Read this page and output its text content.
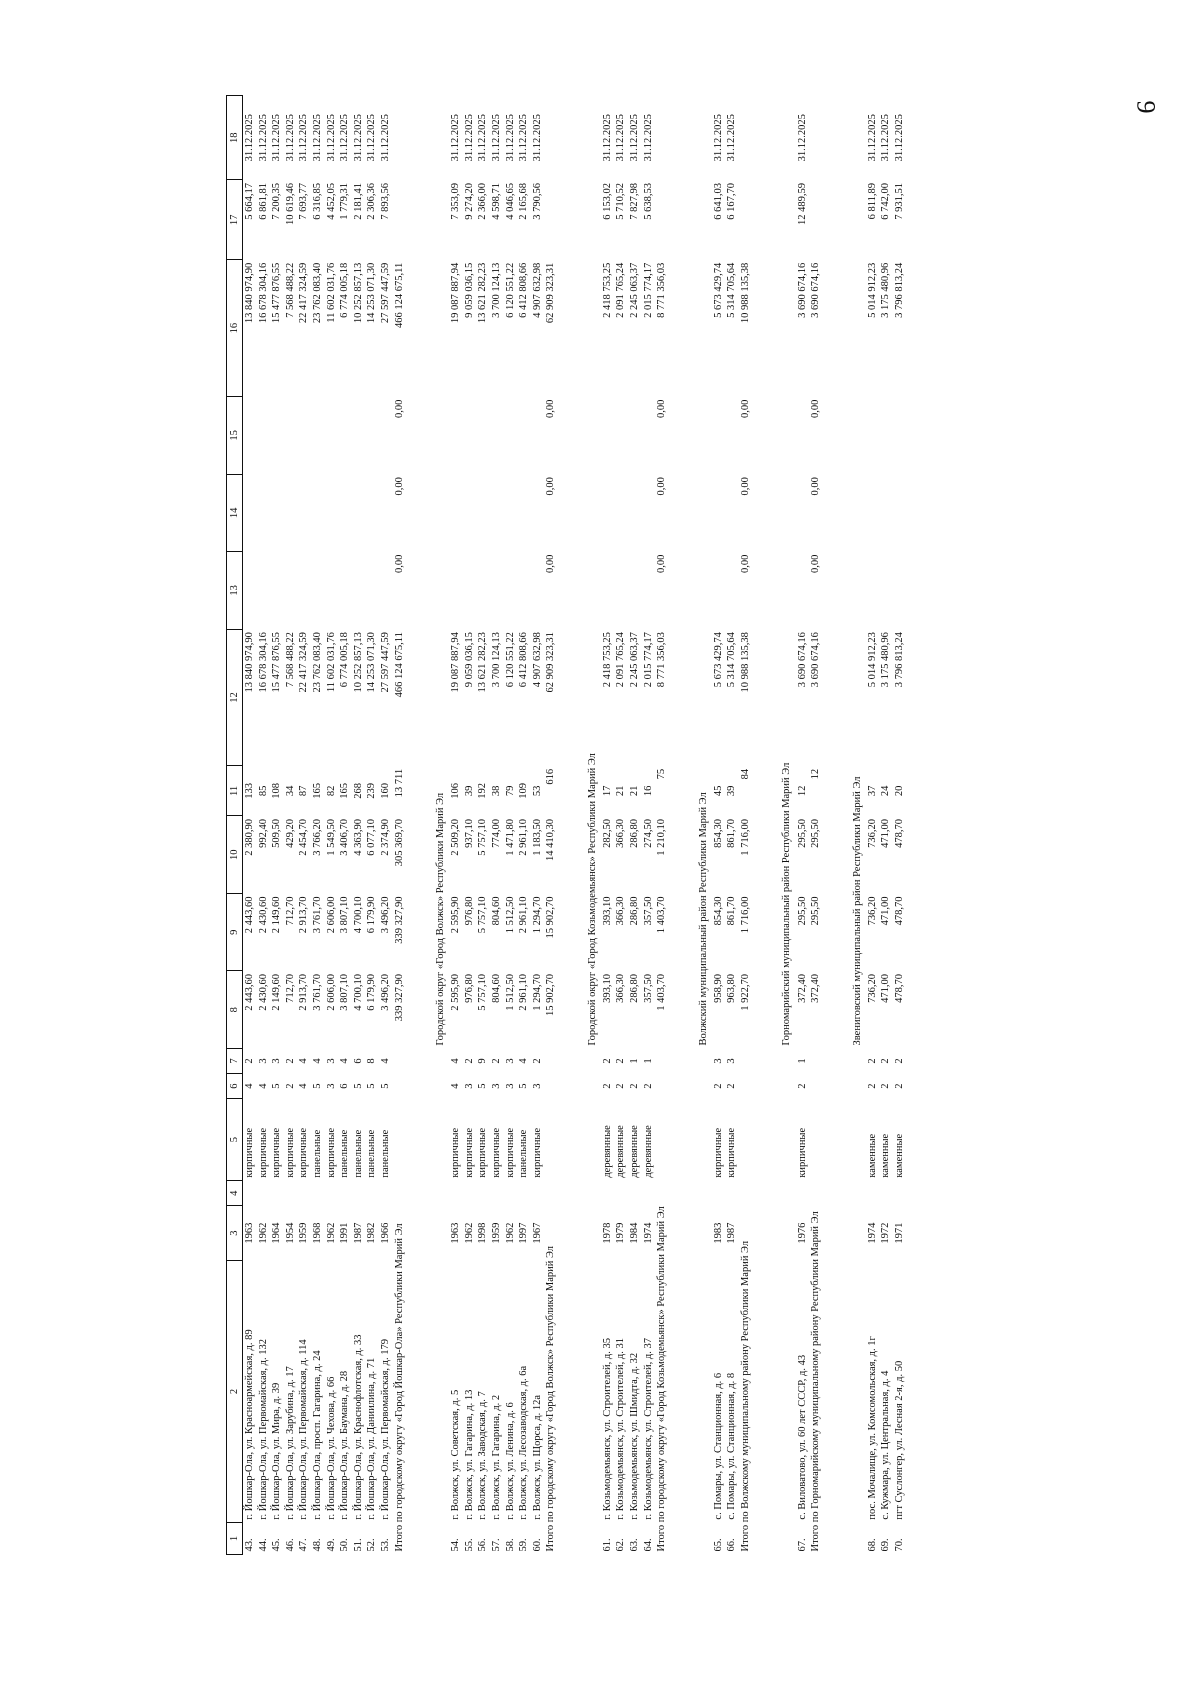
9
1	2	3	4	5	6	7	8	9	10	11	12	13	14	15	16	17	18
43.	г. Йошкар-Ола, ул. Красноармейская, д. 89	1963		кирпичные	4	2	2 443,60	2 443,60	2 380,90	133	13 840 974,90				13 840 974,90	5 664,17	31.12.2025
44.	г. Йошкар-Ола, ул. Первомайская, д. 132	1962		кирпичные	4	3	2 430,60	2 430,60	992,40	85	16 678 304,16				16 678 304,16	6 861,81	31.12.2025
45.	г. Йошкар-Ола, ул. Мира, д. 39	1964		кирпичные	5	3	2 149,60	2 149,60	509,50	108	15 477 876,55				15 477 876,55	7 200,35	31.12.2025
46.	г. Йошкар-Ола, ул. Зарубина, д. 17	1954		кирпичные	2	2	712,70	712,70	429,20	34	7 568 488,22				7 568 488,22	10 619,46	31.12.2025
47.	г. Йошкар-Ола, ул. Первомайская, д. 114	1959		кирпичные	4	4	2 913,70	2 913,70	2 454,70	87	22 417 324,59				22 417 324,59	7 693,77	31.12.2025
48.	г. Йошкар-Ола, просп. Гагарина, д. 24	1968		панельные	5	4	3 761,70	3 761,70	3 766,20	165	23 762 083,40				23 762 083,40	6 316,85	31.12.2025
49.	г. Йошкар-Ола, ул. Чехова, д. 66	1962		кирпичные	3	3	2 606,00	2 606,00	1 549,50	82	11 602 031,76				11 602 031,76	4 452,05	31.12.2025
50.	г. Йошкар-Ола, ул. Баумана, д. 28	1991		панельные	6	4	3 807,10	3 807,10	3 406,70	165	6 774 005,18				6 774 005,18	1 779,31	31.12.2025
51.	г. Йошкар-Ола, ул. Краснофлотская, д. 33	1987		панельные	5	6	4 700,10	4 700,10	4 363,90	268	10 252 857,13				10 252 857,13	2 181,41	31.12.2025
52.	г. Йошкар-Ола, ул. Даниилина, д. 71	1982		панельные	5	8	6 179,90	6 179,90	6 077,10	239	14 253 071,30				14 253 071,30	2 306,36	31.12.2025
53.	г. Йошкар-Ола, ул. Первомайская, д. 179	1966		панельные	5	4	3 496,20	3 496,20	2 374,90	160	27 597 447,59				27 597 447,59	7 893,56	31.12.2025
Итого по городскому округу «Город Йошкар-Ола» Республики Марий Эл							339 327,90	339 327,90	305 369,70	13 711	466 124 675,11	0,00	0,00	0,00	466 124 675,11		

							Городской округ «Город Волжск» Республики Марий Эл										
54.	г. Волжск, ул. Советская, д. 5	1963		кирпичные	4	4	2 595,90	2 595,90	2 509,20	106	19 087 887,94				19 087 887,94	7 353,09	31.12.2025
55.	г. Волжск, ул. Гагарина, д. 13	1962		кирпичные	3	2	976,80	976,80	937,10	39	9 059 036,15				9 059 036,15	9 274,20	31.12.2025
56.	г. Волжск, ул. Заводская, д. 7	1998		кирпичные	5	9	5 757,10	5 757,10	5 757,10	192	13 621 282,23				13 621 282,23	2 366,00	31.12.2025
57.	г. Волжск, ул. Гагарина, д. 2	1959		кирпичные	3	2	804,60	804,60	774,00	38	3 700 124,13				3 700 124,13	4 598,71	31.12.2025
58.	г. Волжск, ул. Ленина, д. 6	1962		кирпичные	3	3	1 512,50	1 512,50	1 471,80	79	6 120 551,22				6 120 551,22	4 046,65	31.12.2025
59.	г. Волжск, ул. Лесозаводская, д. 6а	1997		панельные	5	4	2 961,10	2 961,10	2 961,10	109	6 412 808,66				6 412 808,66	2 165,68	31.12.2025
60.	г. Волжск, ул. Щорса, д. 12а	1967		кирпичные	3	2	1 294,70	1 294,70	1 183,50	53	4 907 632,98				4 907 632,98	3 790,56	31.12.2025
Итого по городскому округу «Город Волжск» Республики Марий Эл							15 902,70	15 902,70	14 410,30	616	62 909 323,31	0,00	0,00	0,00	62 909 323,31		

							Городской округ «Город Козьмодемьянск» Республики Марий Эл										
61.	г. Козьмодемьянск, ул. Строителей, д. 35	1978		деревянные	2	2	393,10	393,10	282,50	17	2 418 753,25				2 418 753,25	6 153,02	31.12.2025
62.	г. Козьмодемьянск, ул. Строителей, д. 31	1979		деревянные	2	2	366,30	366,30	366,30	21	2 091 765,24				2 091 765,24	5 710,52	31.12.2025
63.	г. Козьмодемьянск, ул. Шмидта, д. 32	1984		деревянные	2	1	286,80	286,80	286,80	21	2 245 063,37				2 245 063,37	7 827,98	31.12.2025
64.	г. Козьмодемьянск, ул. Строителей, д. 37	1974		деревянные	2	1	357,50	357,50	274,50	16	2 015 774,17				2 015 774,17	5 638,53	31.12.2025
Итого по городскому округу «Город Козьмодемьянск» Республики Марий Эл							1 403,70	1 403,70	1 210,10	75	8 771 356,03	0,00	0,00	0,00	8 771 356,03		

							Волжский муниципальный район Республики Марий Эл										
65.	с. Помары, ул. Станционная, д. 6	1983		кирпичные	2	3	958,90	854,30	854,30	45	5 673 429,74				5 673 429,74	6 641,03	31.12.2025
66.	с. Помары, ул. Станционная, д. 8	1987		кирпичные	2	3	963,80	861,70	861,70	39	5 314 705,64				5 314 705,64	6 167,70	31.12.2025
Итого по Волжскому муниципальному району Республики Марий Эл							1 922,70	1 716,00	1 716,00	84	10 988 135,38	0,00	0,00	0,00	10 988 135,38		

							Горномарийский муниципальный район Республики Марий Эл										
67.	с. Виловатово, ул. 60 лет СССР, д. 43	1976		кирпичные	2	1	372,40	295,50	295,50	12	3 690 674,16				3 690 674,16	12 489,59	31.12.2025
Итого по Горномарийскому муниципальному району Республики Марий Эл							372,40	295,50	295,50	12	3 690 674,16	0,00	0,00	0,00	3 690 674,16		

							Звениговский муниципальный район Республики Марий Эл										
68.	пос. Мочалище, ул. Комсомольская, д. 1г	1974		каменные	2	2	736,20	736,20	736,20	37	5 014 912,23				5 014 912,23	6 811,89	31.12.2025
69.	с. Кужмара, ул. Центральная, д. 4	1972		каменные	2	2	471,00	471,00	471,00	24	3 175 480,96				3 175 480,96	6 742,00	31.12.2025
70.	пгт Суслонгер, ул. Лесная 2-я, д. 50	1971		каменные	2	2	478,70	478,70	478,70	20	3 796 813,24				3 796 813,24	7 931,51	31.12.2025
